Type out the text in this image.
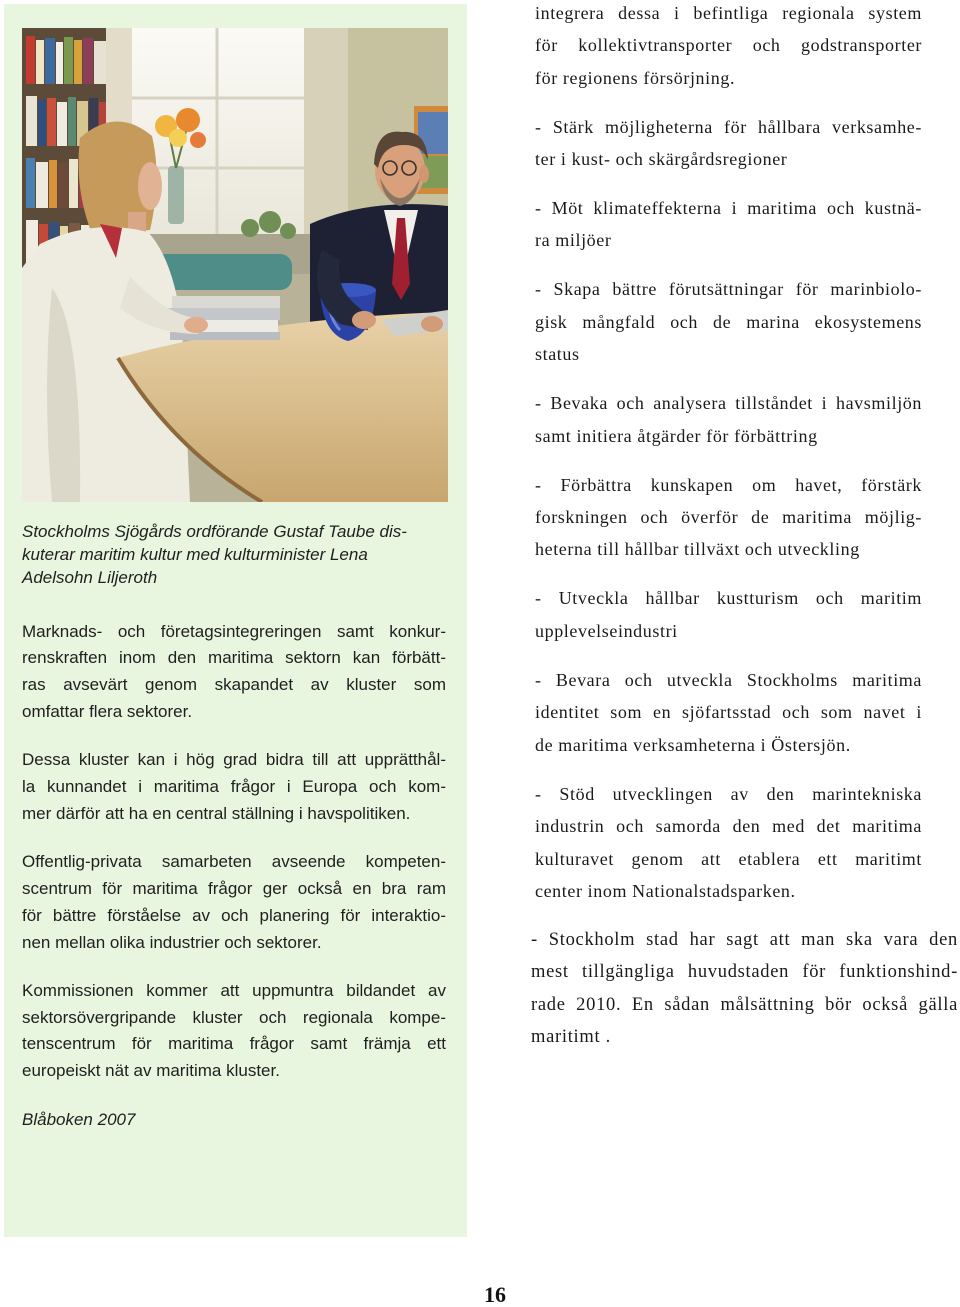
Stockholms Sjögårds ordförande Gustaf Taube dis-
kuterar maritim kultur med kulturminister Lena
Adelsohn Liljeroth
Marknads- och företagsintegreringen samt konkur-
renskraften inom den maritima sektorn kan förbätt-
ras avsevärt genom skapandet av kluster som
omfattar flera sektorer.
Dessa kluster kan i hög grad bidra till att upprätthål-
la kunnandet i maritima frågor i Europa och kom-
mer därför att ha en central ställning i havspolitiken.
Offentlig-privata samarbeten avseende kompeten-
scentrum för maritima frågor ger också en bra ram
för bättre förståelse av och planering för interaktio-
nen mellan olika industrier och sektorer.
Kommissionen kommer att uppmuntra bildandet av
sektorsövergripande kluster och regionala kompe-
tenscentrum för maritima frågor samt främja ett
europeiskt nät av maritima kluster.
Blåboken 2007
integrera dessa i befintliga regionala system
för kollektivtransporter och godstransporter
för regionens försörjning.
- Stärk möjligheterna för hållbara verksamhe-
ter i kust- och skärgårdsregioner
- Möt klimateffekterna i maritima och kustnä-
ra miljöer
- Skapa bättre förutsättningar för marinbiolo-
gisk mångfald och de marina ekosystemens
status
- Bevaka och analysera tillståndet i havsmiljön
samt initiera åtgärder för förbättring
- Förbättra kunskapen om havet, förstärk
forskningen och överför de maritima möjlig-
heterna till hållbar tillväxt och utveckling
- Utveckla hållbar kustturism och maritim
upplevelseindustri
- Bevara och utveckla Stockholms maritima
identitet som en sjöfartsstad och som navet i
de maritima verksamheterna i Östersjön.
- Stöd utvecklingen av den marintekniska
industrin och samorda den med det maritima
kulturavet genom att etablera ett maritimt
center inom Nationalstadsparken.
- Stockholm stad har sagt att man ska vara den
mest tillgängliga huvudstaden för funktionshind-
rade 2010. En sådan målsättning bör också gälla
maritimt .
16
